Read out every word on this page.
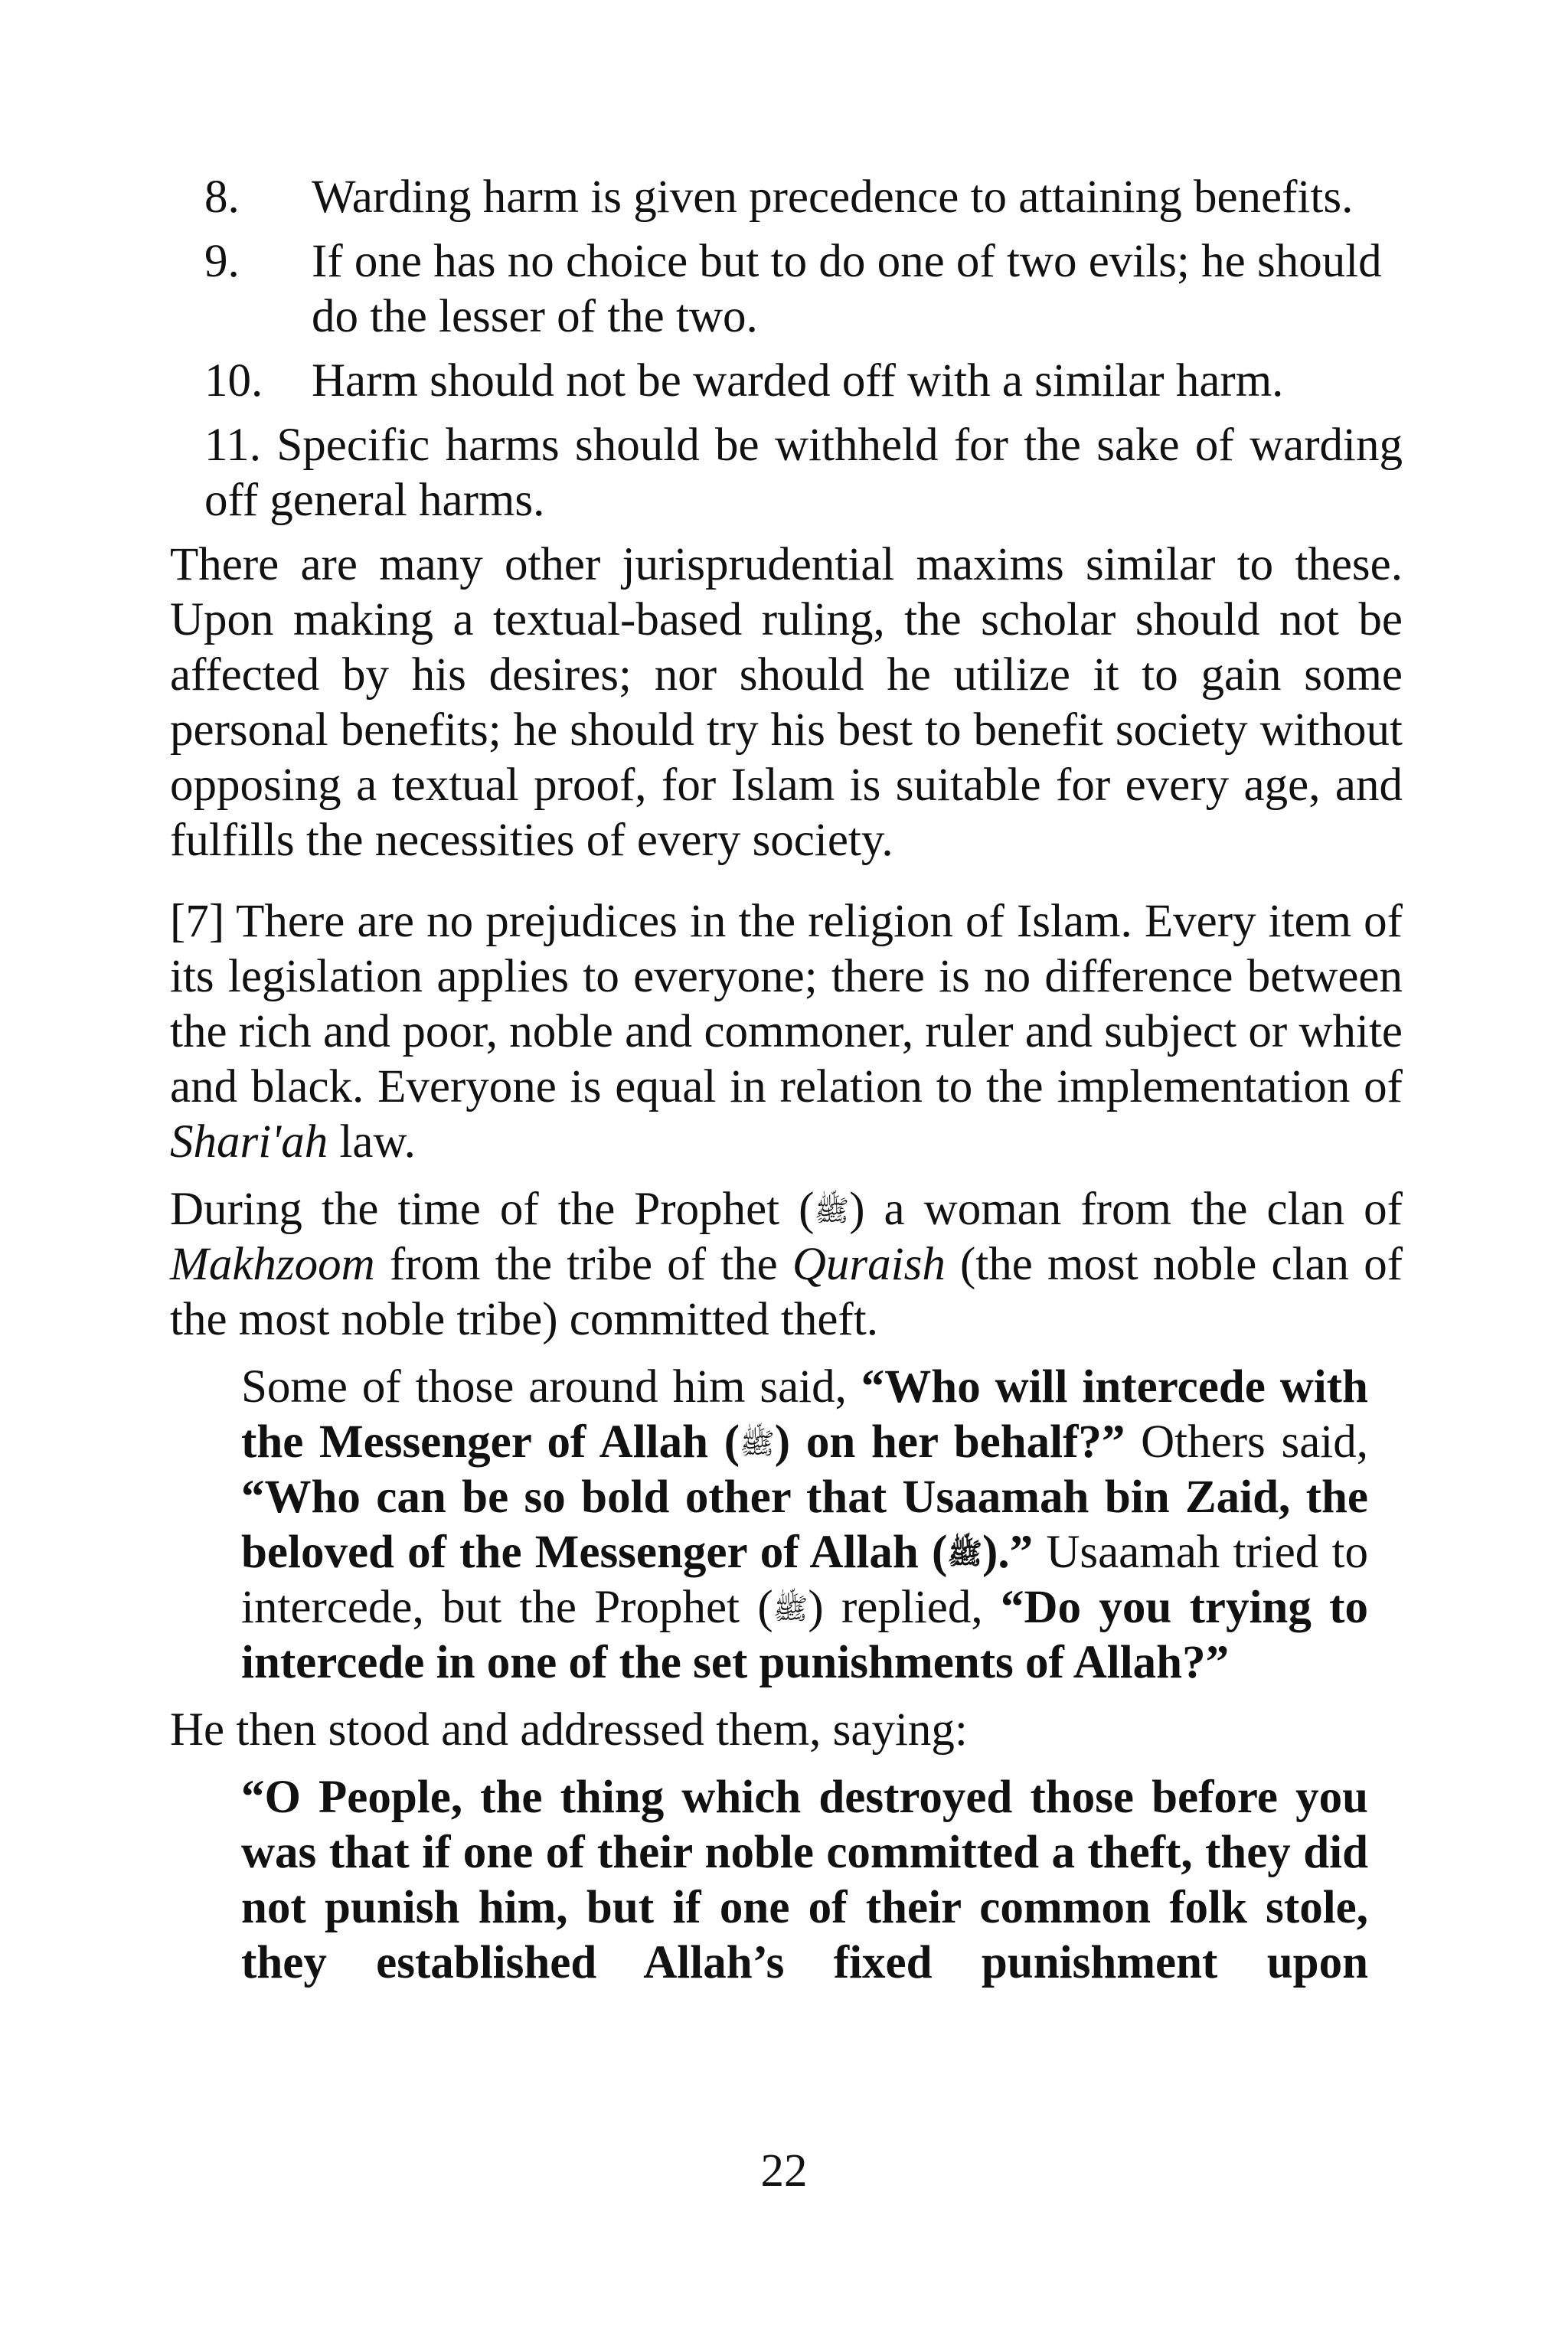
8. Warding harm is given precedence to attaining benefits.
9. If one has no choice but to do one of two evils; he should do the lesser of the two.
10. Harm should not be warded off with a similar harm.
11. Specific harms should be withheld for the sake of warding off general harms.

There are many other jurisprudential maxims similar to these. Upon making a textual-based ruling, the scholar should not be affected by his desires; nor should he utilize it to gain some personal benefits; he should try his best to benefit society without opposing a textual proof, for Islam is suitable for every age, and fulfills the necessities of every society.

[7] There are no prejudices in the religion of Islam. Every item of its legislation applies to everyone; there is no difference between the rich and poor, noble and commoner, ruler and subject or white and black. Everyone is equal in relation to the implementation of Shari'ah law.

During the time of the Prophet (ﷺ) a woman from the clan of Makhzoom from the tribe of the Quraish (the most noble clan of the most noble tribe) committed theft.

Some of those around him said, “Who will intercede with the Messenger of Allah (ﷺ) on her behalf?” Others said, “Who can be so bold other that Usaamah bin Zaid, the beloved of the Messenger of Allah (ﷺ).” Usaamah tried to intercede, but the Prophet (ﷺ) replied, “Do you trying to intercede in one of the set punishments of Allah?”

He then stood and addressed them, saying:

“O People, the thing which destroyed those before you was that if one of their noble committed a theft, they did not punish him, but if one of their common folk stole, they established Allah’s fixed punishment upon

22
